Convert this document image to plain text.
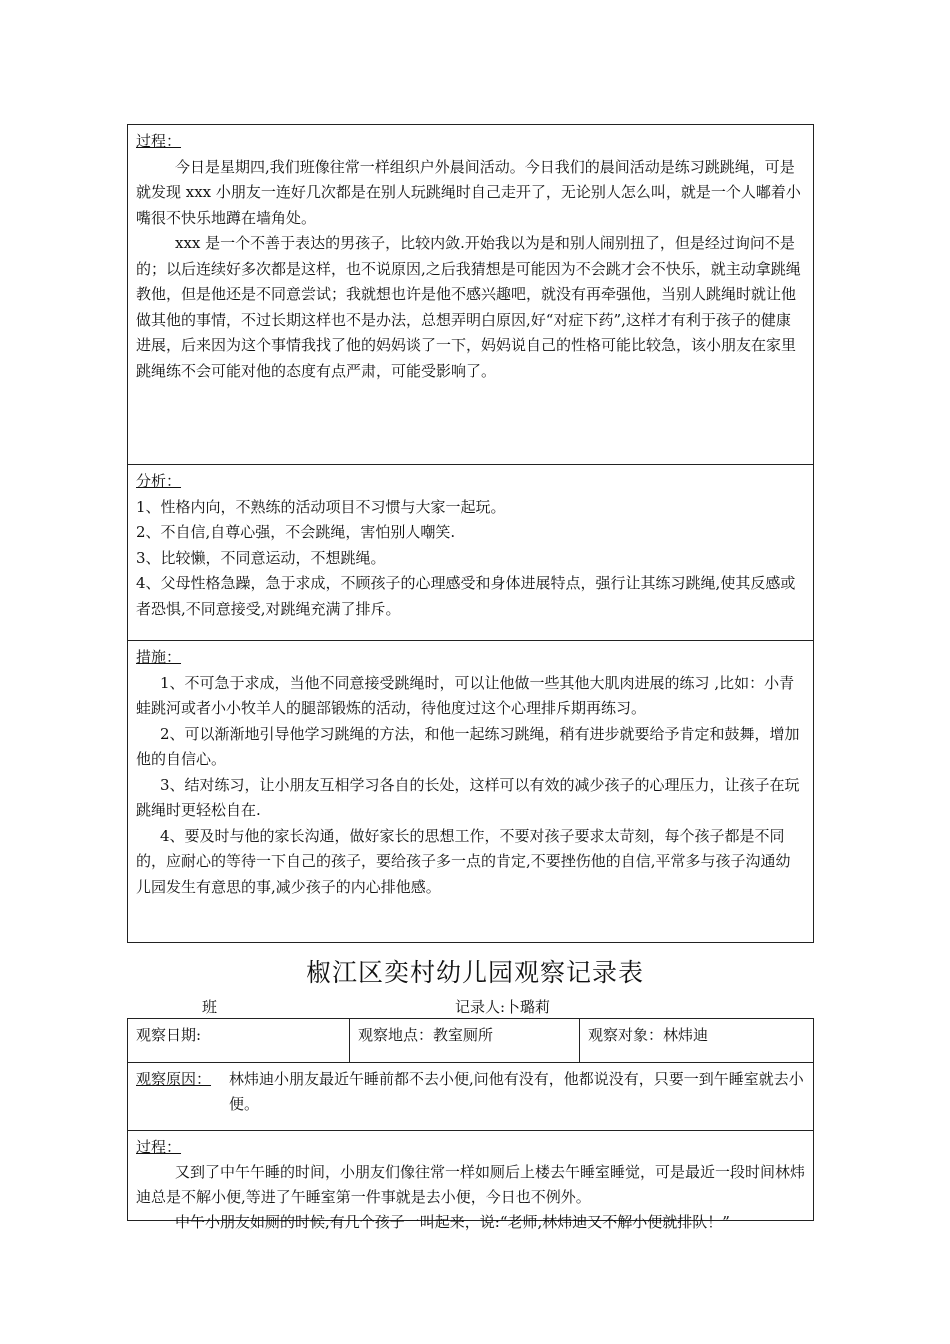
过程：

今日是星期四,我们班像往常一样组织户外晨间活动。今日我们的晨间活动是练习跳跳绳，可是就发现 xxx 小朋友一连好几次都是在别人玩跳绳时自己走开了，无论别人怎么叫，就是一个人嘟着小嘴很不快乐地蹲在墙角处。

xxx 是一个不善于表达的男孩子，比较内敛.开始我以为是和别人闹别扭了，但是经过询问不是的；以后连续好多次都是这样，也不说原因,之后我猜想是可能因为不会跳才会不快乐，就主动拿跳绳教他，但是他还是不同意尝试；我就想也许是他不感兴趣吧，就没有再牵强他，当别人跳绳时就让他做其他的事情，不过长期这样也不是办法，总想弄明白原因,好“对症下药”,这样才有利于孩子的健康进展，后来因为这个事情我找了他的妈妈谈了一下，妈妈说自己的性格可能比较急，该小朋友在家里跳绳练不会可能对他的态度有点严肃，可能受影响了。

分析：

1、性格内向，不熟练的活动项目不习惯与大家一起玩。

2、不自信,自尊心强，不会跳绳，害怕别人嘲笑.

3、比较懒，不同意运动，不想跳绳。

4、父母性格急躁，急于求成，不顾孩子的心理感受和身体进展特点，强行让其练习跳绳,使其反感或者恐惧,不同意接受,对跳绳充满了排斥。

措施：

1、不可急于求成，当他不同意接受跳绳时，可以让他做一些其他大肌肉进展的练习 ,比如：小青蛙跳河或者小小牧羊人的腿部锻炼的活动，待他度过这个心理排斥期再练习。

2、可以渐渐地引导他学习跳绳的方法，和他一起练习跳绳，稍有进步就要给予肯定和鼓舞，增加他的自信心。

3、结对练习，让小朋友互相学习各自的长处，这样可以有效的减少孩子的心理压力，让孩子在玩跳绳时更轻松自在.

4、要及时与他的家长沟通，做好家长的思想工作，不要对孩子要求太苛刻，每个孩子都是不同的，应耐心的等待一下自己的孩子，要给孩子多一点的肯定,不要挫伤他的自信,平常多与孩子沟通幼儿园发生有意思的事,减少孩子的内心排他感。

椒江区奕村幼儿园观察记录表
班	记录人:卜璐莉
观察日期:	观察地点：教室厕所	观察对象：林炜迪
观察原因： 林炜迪小朋友最近午睡前都不去小便,问他有没有，他都说没有，只要一到午睡室就去小便。
过程：

又到了中午午睡的时间，小朋友们像往常一样如厕后上楼去午睡室睡觉，可是最近一段时间林炜迪总是不解小便,等进了午睡室第一件事就是去小便，今日也不例外。

中午小朋友如厕的时候,有几个孩子一叫起来，说:“老师,林炜迪又不解小便就排队！”
